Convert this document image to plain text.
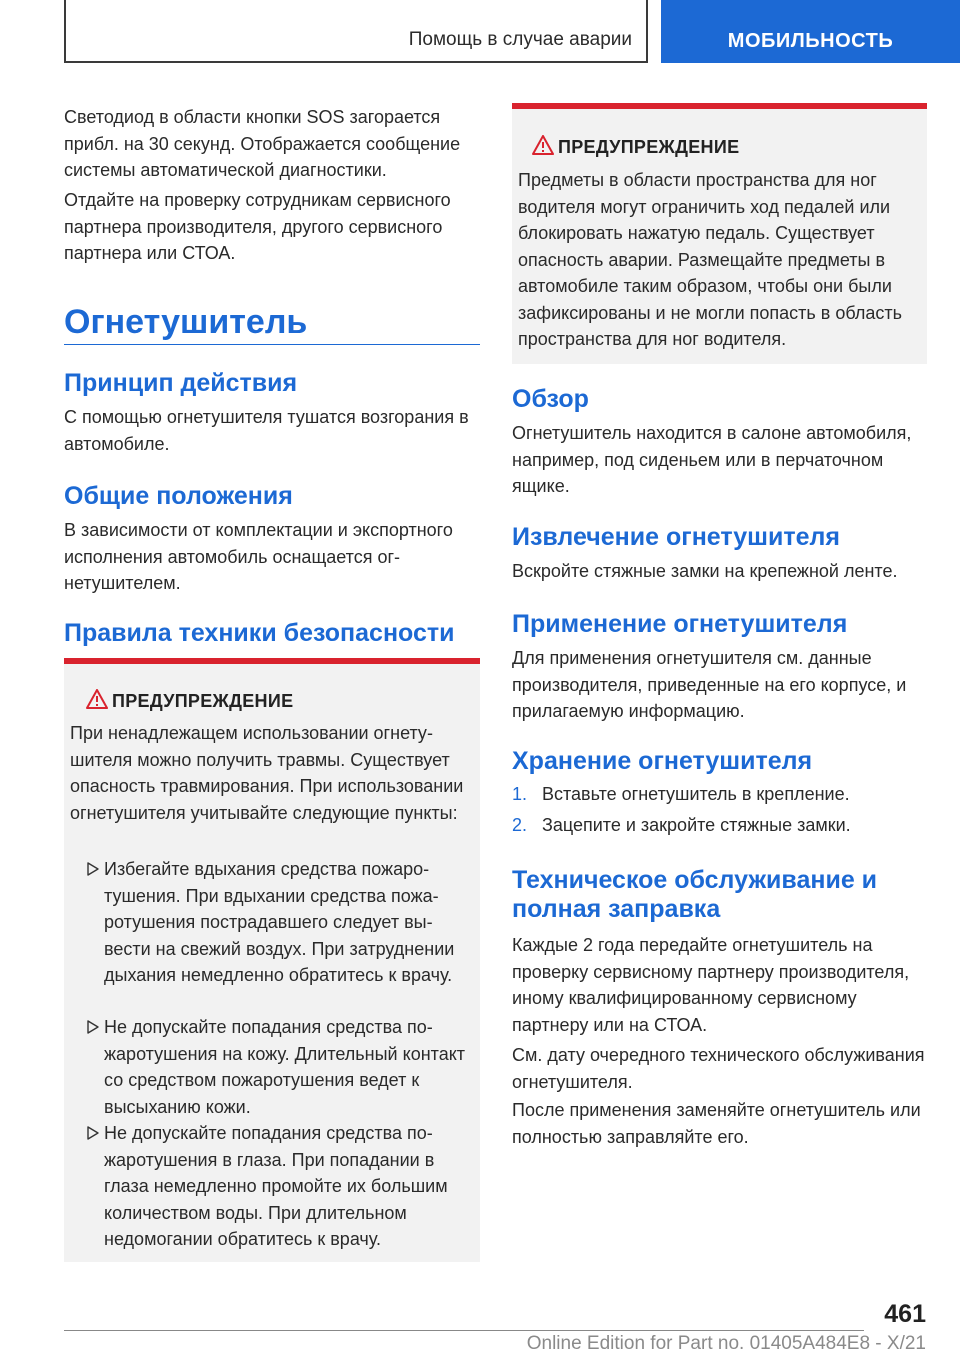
Помощь в случае аварии	МОБИЛЬНОСТЬ

Светодиод в области кнопки SOS загорается прибл. на 30 секунд. Отображается сообщение системы автоматической диагностики.

Отдайте на проверку сотрудникам сервисного партнера производителя, другого сервисного партнера или СТОА.

Огнетушитель
Принцип действия

С помощью огнетушителя тушатся возгорания в автомобиле.

Общие положения

В зависимости от комплектации и экспортного исполнения автомобиль оснащается огнетушителем.

Правила техники безопасности
ПРЕДУПРЕЖДЕНИЕ

При ненадлежащем использовании огнетушителя можно получить травмы. Существует опасность травмирования. При использовании огнетушителя учитывайте следующие пункты:

Избегайте вдыхания средства пожаротушения. При вдыхании средства пожаротушения пострадавшего следует вывести на свежий воздух. При затруднении дыхания немедленно обратитесь к врачу.

Не допускайте попадания средства пожаротушения на кожу. Длительный контакт со средством пожаротушения ведет к высыханию кожи.

Не допускайте попадания средства пожаротушения в глаза. При попадании в глаза немедленно промойте их большим количеством воды. При длительном недомогании обратитесь к врачу.

ПРЕДУПРЕЖДЕНИЕ

Предметы в области пространства для ног водителя могут ограничить ход педалей или блокировать нажатую педаль. Существует опасность аварии. Размещайте предметы в автомобиле таким образом, чтобы они были зафиксированы и не могли попасть в область пространства для ног водителя.

Обзор

Огнетушитель находится в салоне автомобиля, например, под сиденьем или в перчаточном ящике.

Извлечение огнетушителя

Вскройте стяжные замки на крепежной ленте.

Применение огнетушителя

Для применения огнетушителя см. данные производителя, приведенные на его корпусе, и прилагаемую информацию.

Хранение огнетушителя
1. Вставьте огнетушитель в крепление.
2. Зацепите и закройте стяжные замки.
Техническое обслуживание и полная заправка

Каждые 2 года передайте огнетушитель на проверку сервисному партнеру производителя, иному квалифицированному сервисному партнеру или на СТОА.

См. дату очередного технического обслуживания огнетушителя.

После применения заменяйте огнетушитель или полностью заправляйте его.

461
Online Edition for Part no. 01405A484E8 - X/21
